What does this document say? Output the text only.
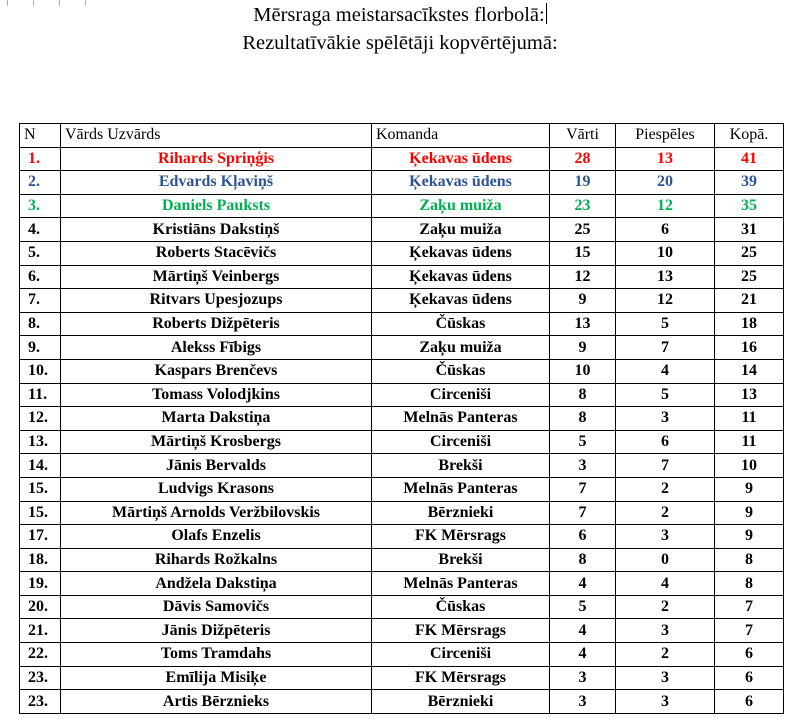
Mērsraga meistarsacīkstes florbolā:
Rezultatīvākie spēlētāji kopvērtējumā:
N	Vārds Uzvārds	Komanda	Vārti	Piespēles	Kopā.
1.	Rihards Spriņģis	Ķekavas ūdens	28	13	41
2.	Edvards Kļaviņš	Ķekavas ūdens	19	20	39
3.	Daniels Pauksts	Zaķu muiža	23	12	35
4.	Kristiāns Dakstiņš	Zaķu muiža	25	6	31
5.	Roberts Stacēvičs	Ķekavas ūdens	15	10	25
6.	Mārtiņš Veinbergs	Ķekavas ūdens	12	13	25
7.	Ritvars Upesjozups	Ķekavas ūdens	9	12	21
8.	Roberts Dižpēteris	Čūskas	13	5	18
9.	Alekss Fībigs	Zaķu muiža	9	7	16
10.	Kaspars Brenčevs	Čūskas	10	4	14
11.	Tomass Volodjkins	Circeniši	8	5	13
12.	Marta Dakstiņa	Melnās Panteras	8	3	11
13.	Mārtiņš Krosbergs	Circeniši	5	6	11
14.	Jānis Bervalds	Brekši	3	7	10
15.	Ludvigs Krasons	Melnās Panteras	7	2	9
15.	Mārtiņš Arnolds Veržbilovskis	Bērznieki	7	2	9
17.	Olafs Enzelis	FK Mērsrags	6	3	9
18.	Rihards Rožkalns	Brekši	8	0	8
19.	Andžela Dakstiņa	Melnās Panteras	4	4	8
20.	Dāvis Samovičs	Čūskas	5	2	7
21.	Jānis Dižpēteris	FK Mērsrags	4	3	7
22.	Toms Tramdahs	Circeniši	4	2	6
23.	Emīlija Misiķe	FK Mērsrags	3	3	6
23.	Artis Bērznieks	Bērznieki	3	3	6
